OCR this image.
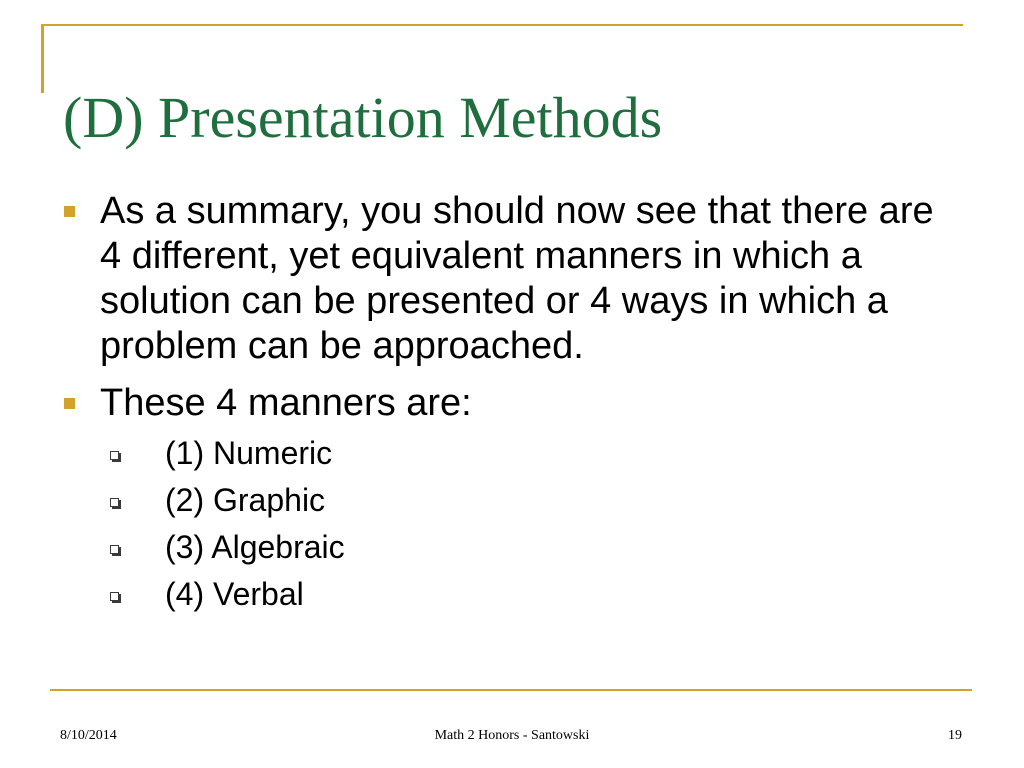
(D) Presentation Methods
As a summary, you should now see that there are 4 different, yet equivalent manners in which a solution can be presented or 4 ways in which a problem can be approached.
These 4 manners are:
(1) Numeric
(2) Graphic
(3) Algebraic
(4) Verbal
8/10/2014	Math 2 Honors - Santowski	19
